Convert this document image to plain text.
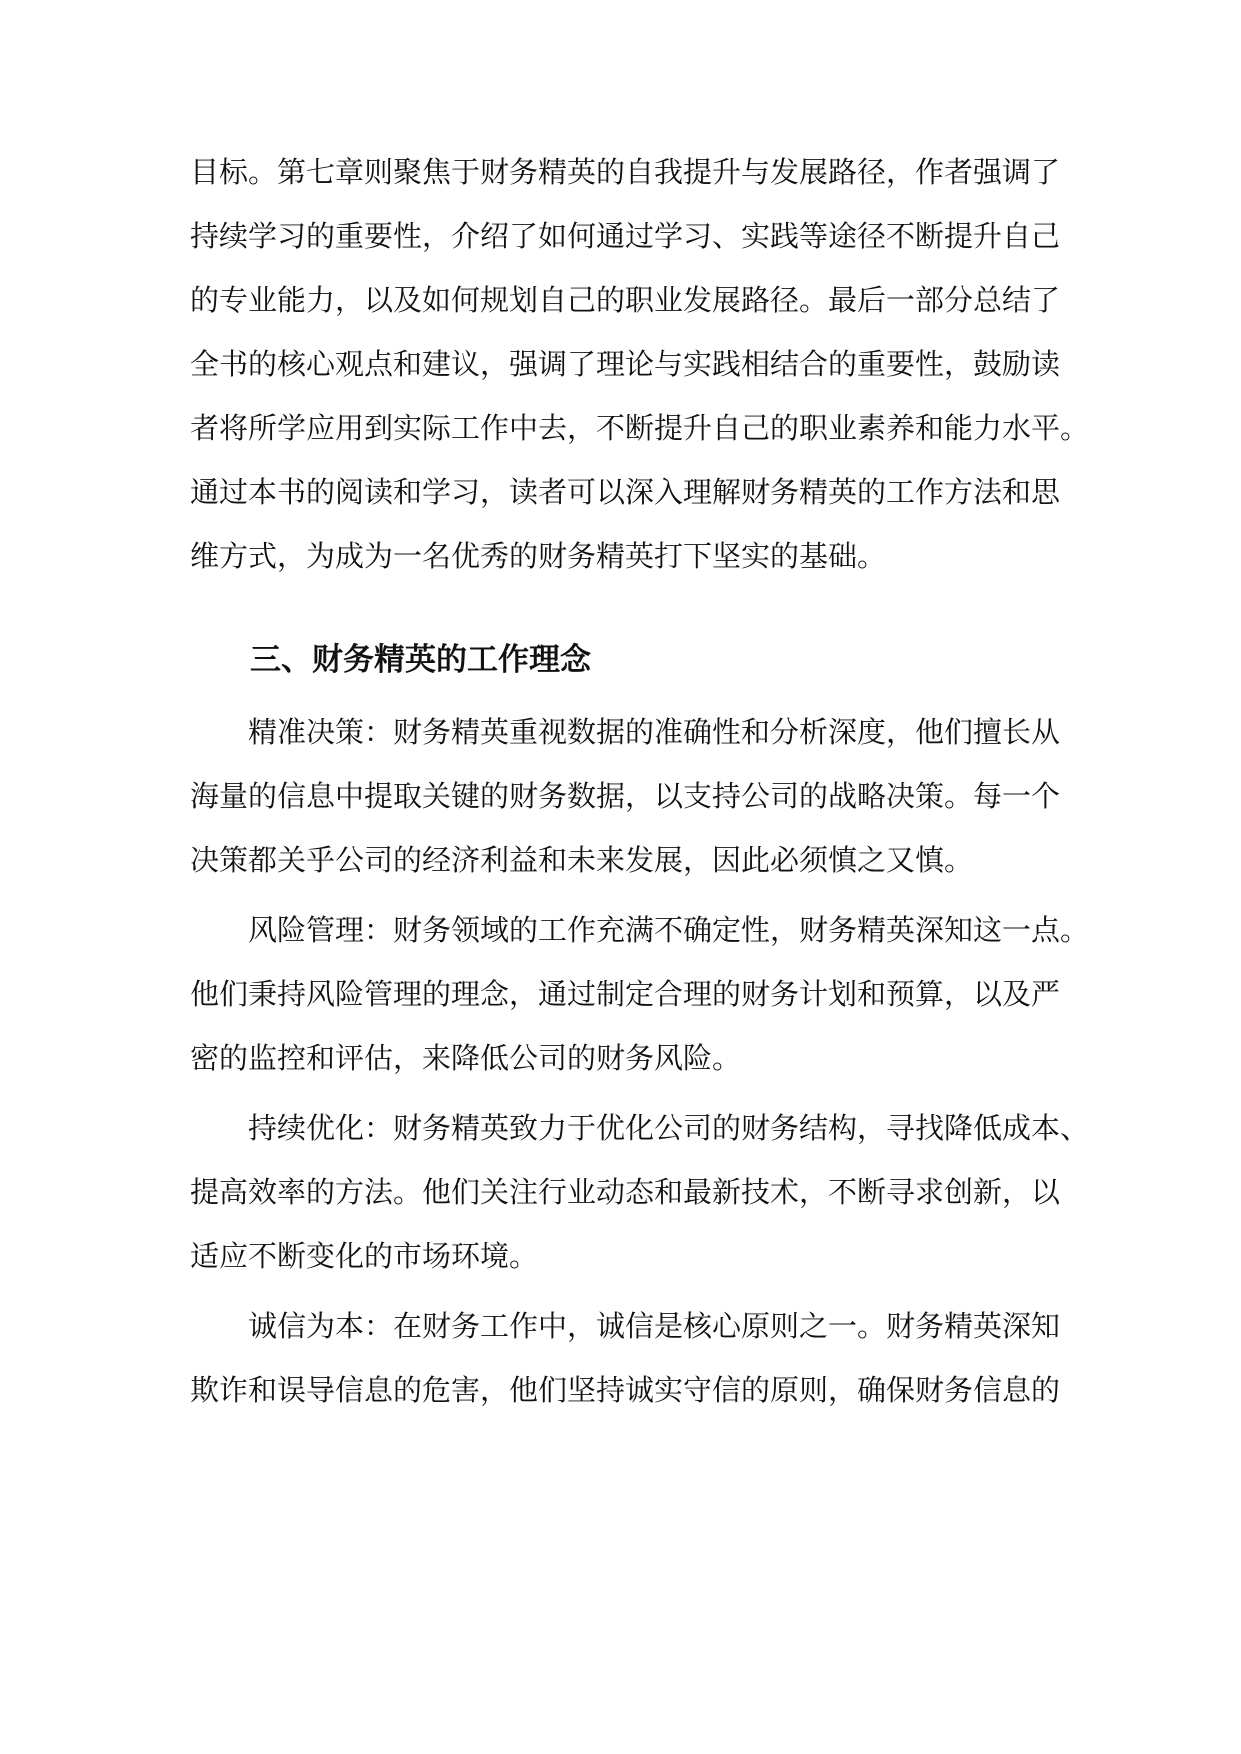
目标。第七章则聚焦于财务精英的自我提升与发展路径，作者强调了
持续学习的重要性，介绍了如何通过学习、实践等途径不断提升自己
的专业能力，以及如何规划自己的职业发展路径。最后一部分总结了
全书的核心观点和建议，强调了理论与实践相结合的重要性，鼓励读
者将所学应用到实际工作中去，不断提升自己的职业素养和能力水平。
通过本书的阅读和学习，读者可以深入理解财务精英的工作方法和思
维方式，为成为一名优秀的财务精英打下坚实的基础。
三、财务精英的工作理念
　　精准决策：财务精英重视数据的准确性和分析深度，他们擅长从
海量的信息中提取关键的财务数据，以支持公司的战略决策。每一个
决策都关乎公司的经济利益和未来发展，因此必须慎之又慎。
　　风险管理：财务领域的工作充满不确定性，财务精英深知这一点。
他们秉持风险管理的理念，通过制定合理的财务计划和预算，以及严
密的监控和评估，来降低公司的财务风险。
　　持续优化：财务精英致力于优化公司的财务结构，寻找降低成本、
提高效率的方法。他们关注行业动态和最新技术，不断寻求创新，以
适应不断变化的市场环境。
　　诚信为本：在财务工作中，诚信是核心原则之一。财务精英深知
欺诈和误导信息的危害，他们坚持诚实守信的原则，确保财务信息的
